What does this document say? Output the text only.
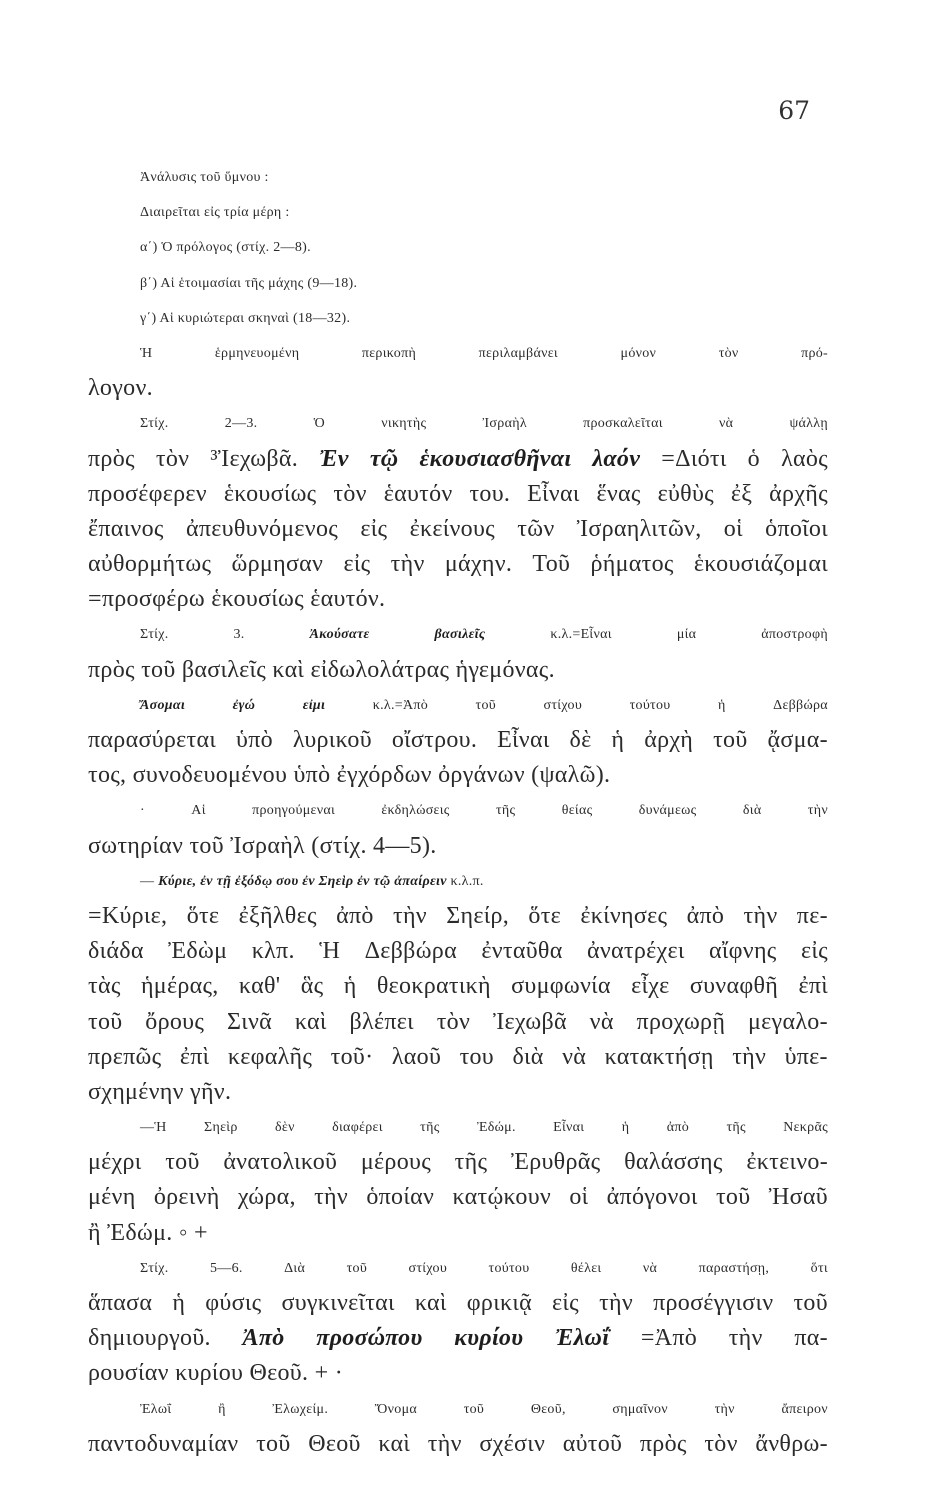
67
Ἀνάλυσις τοῦ ὕμνου :
Διαιρεῖται εἰς τρία μέρη :
α΄) Ὁ πρόλογος (στίχ. 2—8).
β΄) Αἱ ἑτοιμασίαι τῆς μάχης (9—18).
γ΄) Αἱ κυριώτεραι σκηναὶ (18—32).
Ἡ	ἑρμηνευομένη	περικοπὴ	περιλαμβάνει	μόνον	τὸν	πρό-
λογον.
Στίχ.	2—3.	Ὁ	νικητὴς	Ἰσραὴλ	προσκαλεῖται	νὰ	ψάλλῃ
πρὸς τὸν ³Ἰεχωβᾶ. Ἐν τῷ ἑκουσιασθῆναι λαόν =Διότι ὁ λαὸς
προσέφερεν ἑκουσίως τὸν ἑαυτόν του. Εἶναι ἕνας εὐθὺς ἐξ ἀρχῆς
ἔπαινος ἀπευθυνόμενος εἰς ἐκείνους τῶν Ἰσραηλιτῶν, οἱ ὁποῖοι
αὐθορμήτως ὥρμησαν εἰς τὴν μάχην. Τοῦ ῥήματος ἑκουσιάζομαι
=προσφέρω ἑκουσίως ἑαυτόν.
Στίχ.	3.	Ἀκούσατε	βασιλεῖς	κ.λ.=Εἶναι	μία	ἀποστροφὴ
πρὸς τοῦ βασιλεῖς καὶ εἰδωλολάτρας ἡγεμόνας.
Ἄσομαι	ἐγώ	εἰμι	κ.λ.=Ἀπὸ	τοῦ	στίχου	τούτου	ἡ	Δεββώρα
παρασύρεται ὑπὸ λυρικοῦ οἴστρου. Εἶναι δὲ ἡ ἀρχὴ τοῦ ᾄσμα-
τος, συνοδευομένου ὑπὸ ἐγχόρδων ὀργάνων (ψαλῶ).
·	Αἱ	προηγούμεναι	ἐκδηλώσεις	τῆς	θείας	δυνάμεως	διὰ	τὴν
σωτηρίαν τοῦ Ἰσραὴλ (στίχ. 4—5).
— Κύριε, ἐν τῇ ἐξόδῳ σου ἐν Σηεὶρ ἐν τῷ ἀπαίρειν κ.λ.π.
=Κύριε, ὅτε ἐξῆλθες ἀπὸ τὴν Σηείρ, ὅτε ἐκίνησες ἀπὸ τὴν πε-
διάδα Ἐδὼμ κλπ. Ἡ Δεββώρα ἐνταῦθα ἀνατρέχει αἴφνης εἰς
τὰς ἡμέρας, καθ' ἃς ἡ θεοκρατικὴ συμφωνία εἶχε συναφθῆ ἐπὶ
τοῦ ὄρους Σινᾶ καὶ βλέπει τὸν Ἰεχωβᾶ νὰ προχωρῇ μεγαλο-
πρεπῶς ἐπὶ κεφαλῆς τοῦ· λαοῦ του διὰ νὰ κατακτήσῃ τὴν ὑπε-
σχημένην γῆν.
—Ἡ	Σηεὶρ	δὲν	διαφέρει	τῆς	Ἐδώμ.	Εἶναι	ἡ	ἀπὸ	τῆς	Νεκρᾶς
μέχρι τοῦ ἀνατολικοῦ μέρους τῆς Ἐρυθρᾶς θαλάσσης ἐκτεινο-
μένη ὀρεινὴ χώρα, τὴν ὁποίαν κατῴκουν οἱ ἀπόγονοι τοῦ Ἠσαῦ
ἢ Ἐδώμ. ◦ +
Στίχ.	5—6.	Διὰ	τοῦ	στίχου	τούτου	θέλει	νὰ	παραστήσῃ,	ὅτι
ἅπασα ἡ φύσις συγκινεῖται καὶ φρικιᾷ εἰς τὴν προσέγγισιν τοῦ
δημιουργοῦ. Ἀπὸ προσώπου κυρίου Ἐλωΐ =Ἀπὸ τὴν πα-
ρουσίαν κυρίου Θεοῦ. + ·
Ἐλωΐ	ἢ	Ἐλωχείμ.	Ὄνομα	τοῦ	Θεοῦ,	σημαῖνον	τὴν	ἄπειρον
παντοδυναμίαν τοῦ Θεοῦ καὶ τὴν σχέσιν αὐτοῦ πρὸς τὸν ἄνθρω-
